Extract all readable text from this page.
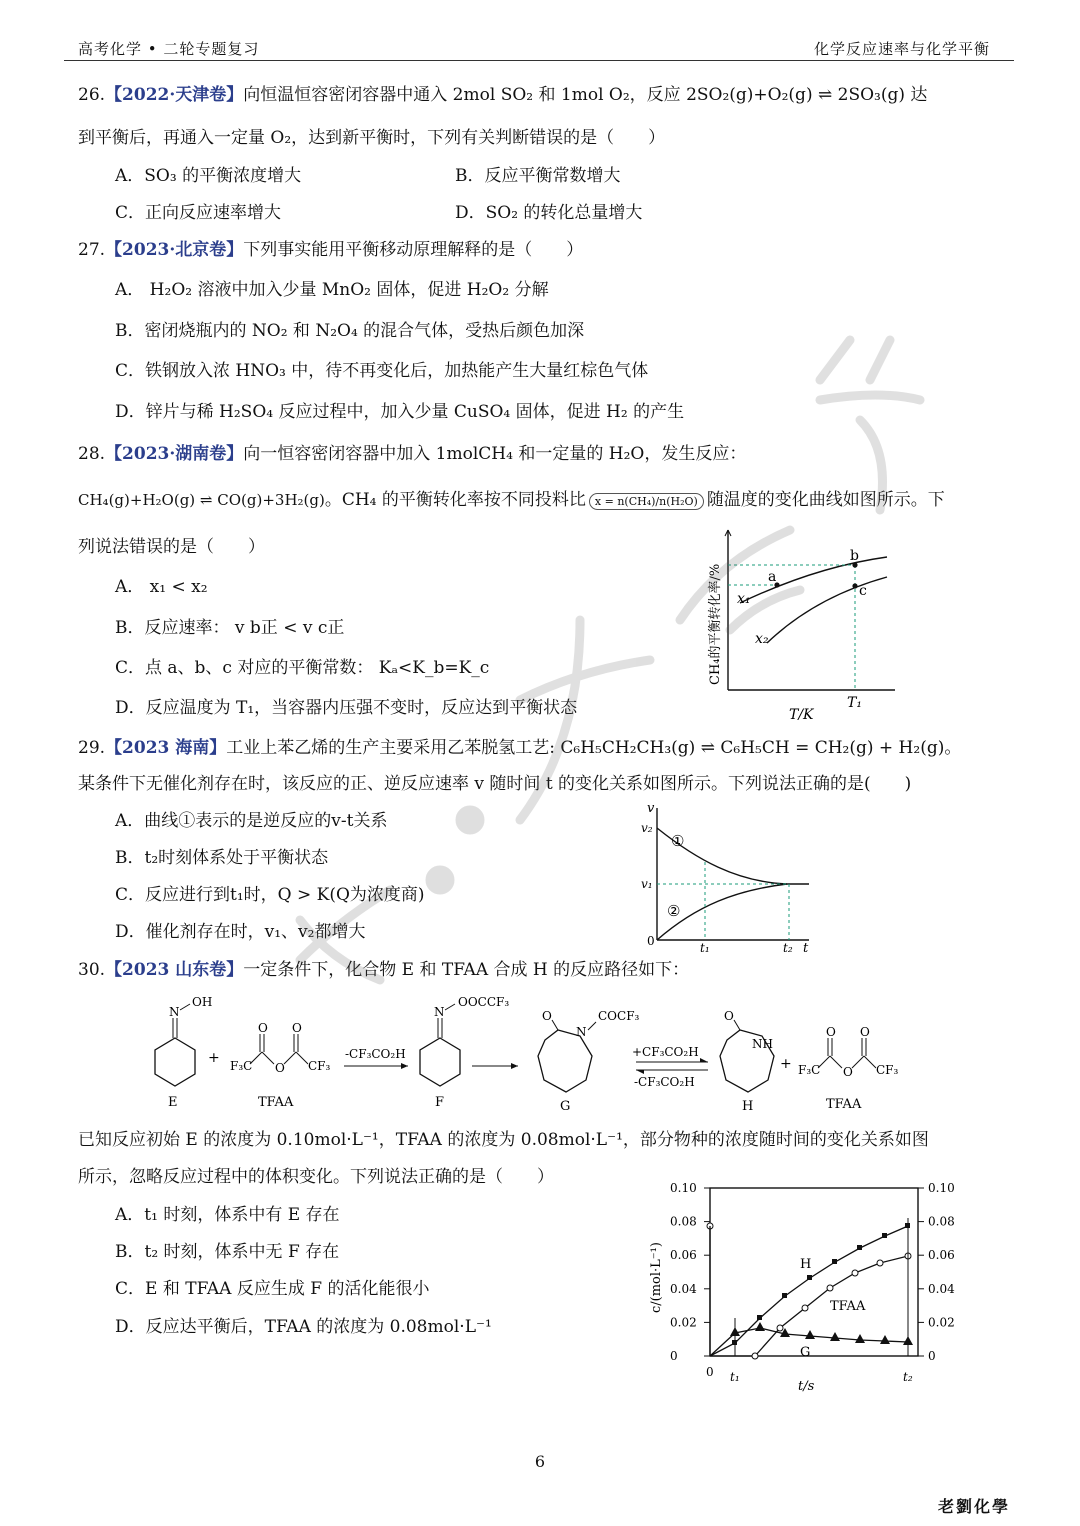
高考化学 • 二轮专题复习	化学反应速率与化学平衡
26.【2022·天津卷】向恒温恒容密闭容器中通入 2mol SO₂ 和 1mol O₂，反应 2SO₂(g)+O₂(g) ⇌ 2SO₃(g) 达
到平衡后，再通入一定量 O₂，达到新平衡时，下列有关判断错误的是（　　）
A．SO₃ 的平衡浓度增大	B．反应平衡常数增大
C．正向反应速率增大	D．SO₂ 的转化总量增大
27.【2023·北京卷】下列事实能用平衡移动原理解释的是（　　）
A． H₂O₂ 溶液中加入少量 MnO₂ 固体，促进 H₂O₂ 分解
B．密闭烧瓶内的 NO₂ 和 N₂O₄ 的混合气体，受热后颜色加深
C．铁钢放入浓 HNO₃ 中，待不再变化后，加热能产生大量红棕色气体
D．锌片与稀 H₂SO₄ 反应过程中，加入少量 CuSO₄ 固体，促进 H₂ 的产生
28.【2023·湖南卷】向一恒容密闭容器中加入 1molCH₄ 和一定量的 H₂O，发生反应：
CH₄(g)+H₂O(g) ⇌ CO(g)+3H₂(g)。CH₄ 的平衡转化率按不同投料比 x = n(CH₄)/n(H₂O) 随温度的变化曲线如图所示。下
列说法错误的是（　　）
A． x₁ < x₂
B．反应速率： v b正 < v c正
C．点 a、b、c 对应的平衡常数： Kₐ<K_b=K_c
D．反应温度为 T₁，当容器内压强不变时，反应达到平衡状态
a
b
c
x₁
x₂
T₁
T/K
CH₄的平衡转化率/%
29.【2023 海南】工业上苯乙烯的生产主要采用乙苯脱氢工艺: C₆H₅CH₂CH₃(g) ⇌ C₆H₅CH = CH₂(g) + H₂(g)。
某条件下无催化剂存在时，该反应的正、逆反应速率 v 随时间 t 的变化关系如图所示。下列说法正确的是(　　)
A．曲线①表示的是逆反应的v-t关系
B．t₂时刻体系处于平衡状态
C．反应进行到t₁时，Q > K(Q为浓度商)
D．催化剂存在时，v₁、v₂都增大
v
v₂
v₁
0	t₁	t₂ t
①
②
30.【2023 山东卷】一定条件下，化合物 E 和 TFAA 合成 H 的反应路径如下：
N
OH
E
+ F₃C
O
O
O
CF₃
TFAA
-CF₃CO₂H
N
OOCCF₃
F
O
N
COCF₃
G
+CF₃CO₂H
-CF₃CO₂H
O
NH
H
+ F₃C
O
O
O
CF₃
TFAA
已知反应初始 E 的浓度为 0.10mol·L⁻¹，TFAA 的浓度为 0.08mol·L⁻¹，部分物种的浓度随时间的变化关系如图
所示，忽略反应过程中的体积变化。下列说法正确的是（　　）
A．t₁ 时刻，体系中有 E 存在
B．t₂ 时刻，体系中无 F 存在
C．E 和 TFAA 反应生成 F 的活化能很小
D．反应达平衡后，TFAA 的浓度为 0.08mol·L⁻¹
0.10	0.10
0.08	0.08
0.06	0.06
0.04	0.04
0.02	0.02
0	0
H
TFAA
G
0 t₁	t₂
t/s
c/(mol·L⁻¹)
6
老劉化學
